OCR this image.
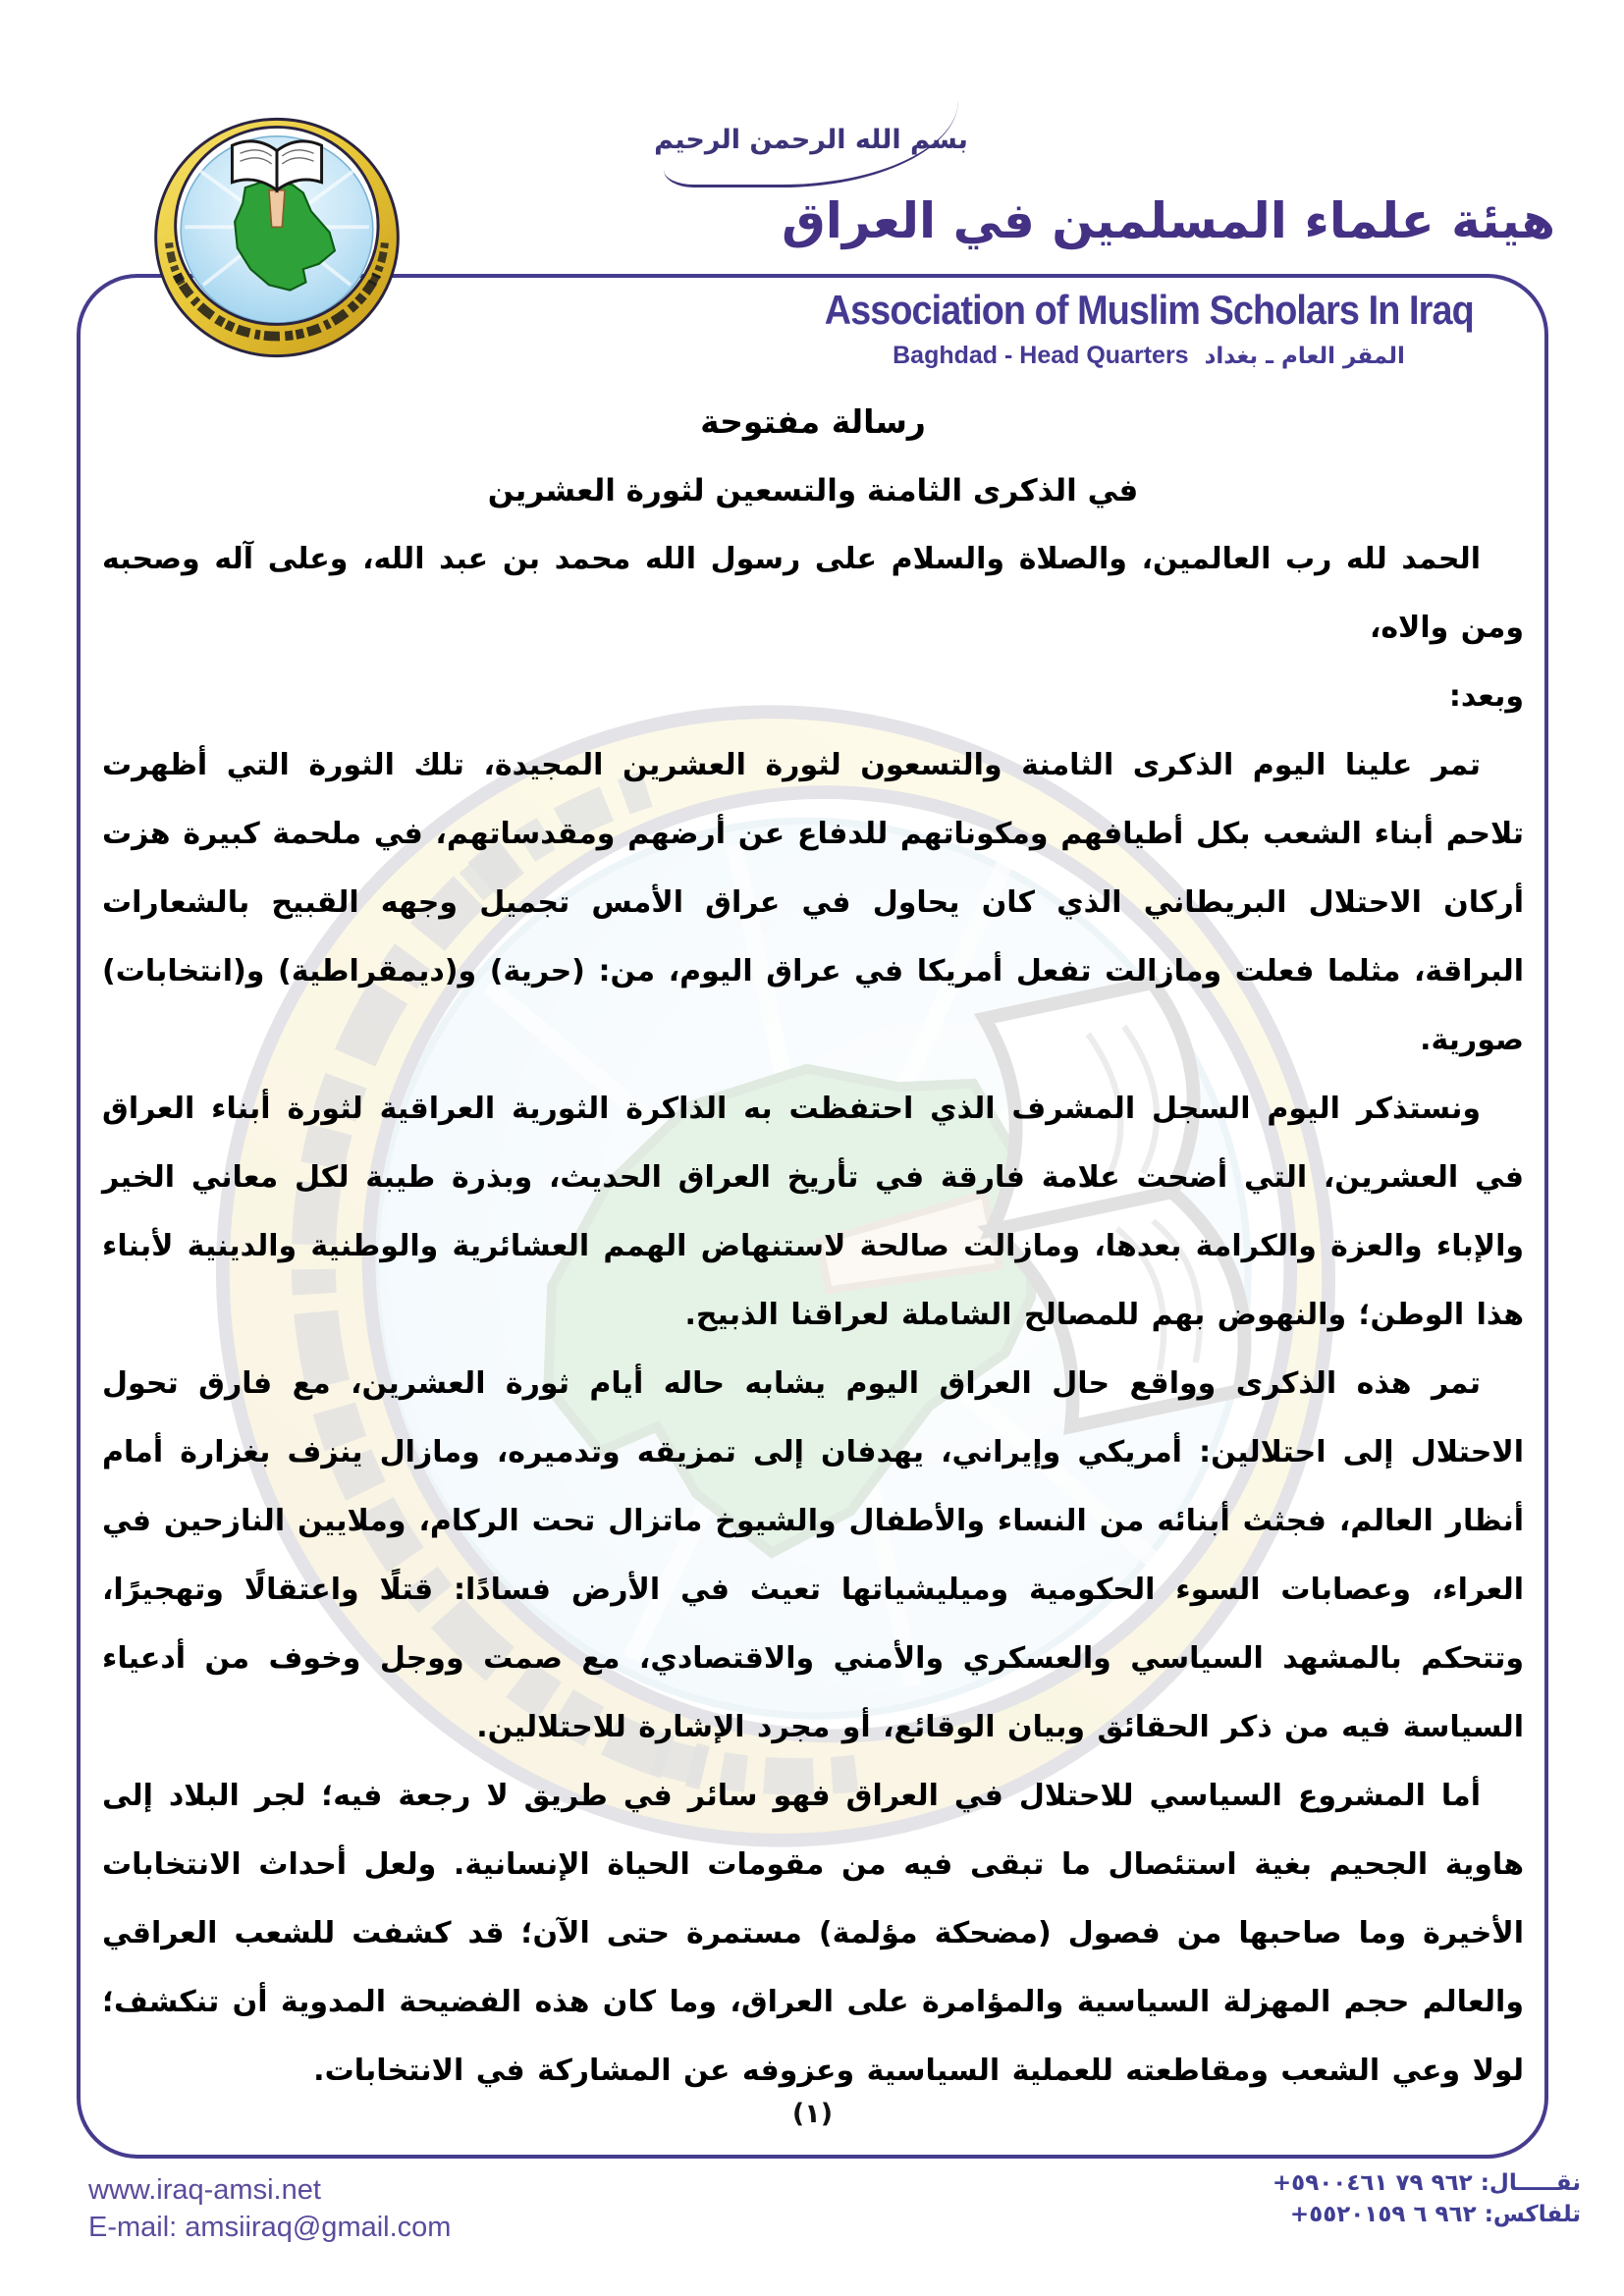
بسم الله الرحمن الرحيم
هيئة علماء المسلمين في العراق
Association of Muslim Scholars In Iraq
Baghdad - Head Quarters المقر العام ـ بغداد
رسالة مفتوحة
في الذكرى الثامنة والتسعين لثورة العشرين

الحمد لله رب العالمين، والصلاة والسلام على رسول الله محمد بن عبد الله، وعلى آله وصحبه ومن والاه،

وبعد:

تمر علينا اليوم الذكرى الثامنة والتسعون لثورة العشرين المجيدة، تلك الثورة التي أظهرت تلاحم أبناء الشعب بكل أطيافهم ومكوناتهم للدفاع عن أرضهم ومقدساتهم، في ملحمة كبيرة هزت أركان الاحتلال البريطاني الذي كان يحاول في عراق الأمس تجميل وجهه القبيح بالشعارات البراقة، مثلما فعلت ومازالت تفعل أمريكا في عراق اليوم، من: (حرية) و(ديمقراطية) و(انتخابات) صورية.

ونستذكر اليوم السجل المشرف الذي احتفظت به الذاكرة الثورية العراقية لثورة أبناء العراق في العشرين، التي أضحت علامة فارقة في تأريخ العراق الحديث، وبذرة طيبة لكل معاني الخير والإباء والعزة والكرامة بعدها، ومازالت صالحة لاستنهاض الهمم العشائرية والوطنية والدينية لأبناء هذا الوطن؛ والنهوض بهم للمصالح الشاملة لعراقنا الذبيح.

تمر هذه الذكرى وواقع حال العراق اليوم يشابه حاله أيام ثورة العشرين، مع فارق تحول الاحتلال إلى احتلالين: أمريكي وإيراني، يهدفان إلى تمزيقه وتدميره، ومازال ينزف بغزارة أمام أنظار العالم، فجثث أبنائه من النساء والأطفال والشيوخ ماتزال تحت الركام، وملايين النازحين في العراء، وعصابات السوء الحكومية وميليشياتها تعيث في الأرض فسادًا: قتلًا واعتقالًا وتهجيرًا، وتتحكم بالمشهد السياسي والعسكري والأمني والاقتصادي، مع صمت ووجل وخوف من أدعياء السياسة فيه من ذكر الحقائق وبيان الوقائع، أو مجرد الإشارة للاحتلالين.

أما المشروع السياسي للاحتلال في العراق فهو سائر في طريق لا رجعة فيه؛ لجر البلاد إلى هاوية الجحيم بغية استئصال ما تبقى فيه من مقومات الحياة الإنسانية. ولعل أحداث الانتخابات الأخيرة وما صاحبها من فصول (مضحكة مؤلمة) مستمرة حتى الآن؛ قد كشفت للشعب العراقي والعالم حجم المهزلة السياسية والمؤامرة على العراق، وما كان هذه الفضيحة المدوية أن تنكشف؛ لولا وعي الشعب ومقاطعته للعملية السياسية وعزوفه عن المشاركة في الانتخابات.

(١)
www.iraq-amsi.net
E-mail: amsiiraq@gmail.com
نقـــــال: +٩٦٢ ٧٩ ٥٩٠٠٤٦١
تلفاكس: +٩٦٢ ٦ ٥٥٢٠١٥٩
